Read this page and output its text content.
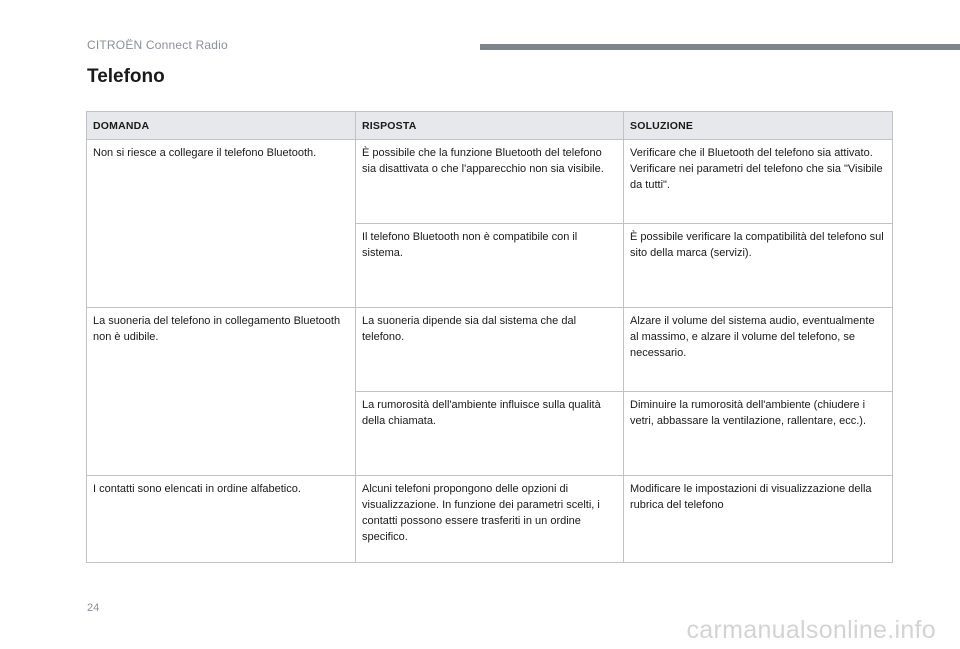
CITROËN Connect Radio
Telefono
DOMANDA	RISPOSTA	SOLUZIONE
Non si riesce a collegare il telefono Bluetooth.	È possibile che la funzione Bluetooth del telefono sia disattivata o che l'apparecchio non sia visibile.	Verificare che il Bluetooth del telefono sia attivato.
Verificare nei parametri del telefono che sia "Visibile da tutti".
	Il telefono Bluetooth non è compatibile con il sistema.	È possibile verificare la compatibilità del telefono sul sito della marca (servizi).
La suoneria del telefono in collegamento Bluetooth non è udibile.	La suoneria dipende sia dal sistema che dal telefono.	Alzare il volume del sistema audio, eventualmente al massimo, e alzare il volume del telefono, se necessario.
	La rumorosità dell'ambiente influisce sulla qualità della chiamata.	Diminuire la rumorosità dell'ambiente (chiudere i vetri, abbassare la ventilazione, rallentare, ecc.).
I contatti sono elencati in ordine alfabetico.	Alcuni telefoni propongono delle opzioni di visualizzazione. In funzione dei parametri scelti, i contatti possono essere trasferiti in un ordine specifico.	Modificare le impostazioni di visualizzazione della rubrica del telefono
24
carmanualsonline.info
